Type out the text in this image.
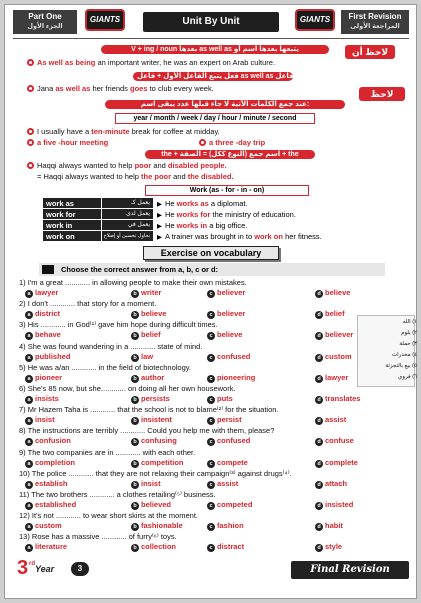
Part One
الجزء الأول
GIANTS	Unit By Unit	GIANTS	First Revision
المراجعة الأولى
V + ing / noun بعدها as well as يتبعها بعدها اسم أو	لاحظ أن
As well as being an important writer, he was an expert on Arab culture.
فعل يتبع الفاعل الأول + فاعل as well as فاعل
Jana as well as her friends goes to club every week.
لاحظ
عند جمع الكلمات الآتية لا جاء قبلها عدد يبقى اسم:
year / month / week / day / hour / minute / second
I usually have a ten-minute break for coffee at midday.
a five -hour meeting	a three -day trip
the + اسم جمع (النوع ككل) = الصفة + the
Haqqi always wanted to help poor and disabled people.
= Haqqi always wanted to help the poor and the disabled.
Work (as - for - in - on)
work as	يعمل كـ	▶ He works as a diplomat.
work for	يعمل لدى	▶ He works for the ministry of education.
work in	يعمل في	▶ He works in a big office.
work on	يحاول تحسين أو إصلاح	▶ A trainer was brought in to work on her fitness.
Exercise on vocabulary
Choose the correct answer from a, b, c or d:
1) I'm a great ............ in allowing people to make their own mistakes.
a lawyer	b writer	c believer	d believe
2) I don't ............ that story for a moment.
a district	b believe	c believer	d belief
3) His ............ in God⁽¹⁾ gave him hope during difficult times.
a behave	b belief	c believe	d believer
4) She was found wandering in a ............ state of mind.
a published	b law	c confused	d custom
5) He was a/an ............ in the field of biotechnology.
a pioneer	b author	c pioneering	d lawyer
6) She's 85 now, but she............ on doing all her own housework.
a insists	b persists	c puts	d translates
7) Mr Hazem Taha is ............ that the school is not to blame⁽²⁾ for the situation.
a insist	b insistent	c persist	d assist
8) The instructions are terribly ............ Could you help me with them, please?
a confusion	b confusing	c confused	d confuse
9) The two companies are in ............ with each other.
a completion	b competition	c compete	d complete
10) The police ............ that they are not relaxing their campaign⁽³⁾ against drugs⁽⁴⁾.
a establish	b insist	c assist	d attach
11) The two brothers ............ a clothes retailing⁽⁵⁾ business.
a established	b believed	c competed	d insisted
12) It's not ............ to wear short skirts at the moment.
a custom	b fashionable	c fashion	d habit
13) Rose has a massive ............ of furry⁽⁶⁾ toys.
a literature	b collection	c distract	d style
١) الله
٢) يلوم
٣) حملة
٤) مخدرات
٥) بيع بالتجزئة
٦) فروي
3 rd Year	3	Final Revision
